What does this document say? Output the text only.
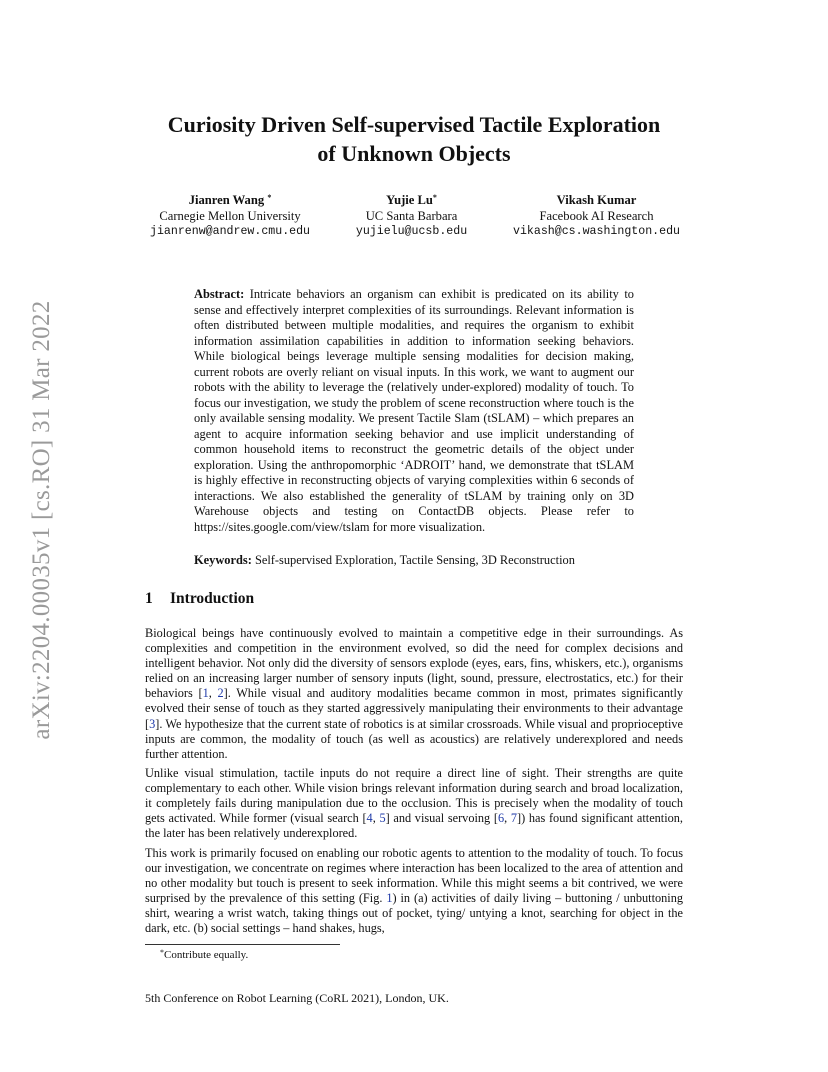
arXiv:2204.00035v1 [cs.RO] 31 Mar 2022
Curiosity Driven Self-supervised Tactile Exploration
of Unknown Objects
Jianren Wang *
Carnegie Mellon University
jianrenw@andrew.cmu.edu
Yujie Lu*
UC Santa Barbara
yujielu@ucsb.edu
Vikash Kumar
Facebook AI Research
vikash@cs.washington.edu

Abstract: Intricate behaviors an organism can exhibit is predicated on its ability to sense and effectively interpret complexities of its surroundings. Relevant information is often distributed between multiple modalities, and requires the organism to exhibit information assimilation capabilities in addition to information seeking behaviors. While biological beings leverage multiple sensing modalities for decision making, current robots are overly reliant on visual inputs. In this work, we want to augment our robots with the ability to leverage the (relatively under-explored) modality of touch. To focus our investigation, we study the problem of scene reconstruction where touch is the only available sensing modality. We present Tactile Slam (tSLAM) – which prepares an agent to acquire information seeking behavior and use implicit understanding of common household items to reconstruct the geometric details of the object under exploration. Using the anthropomorphic ‘ADROIT’ hand, we demonstrate that tSLAM is highly effective in reconstructing objects of varying complexities within 6 seconds of interactions. We also established the generality of tSLAM by training only on 3D Warehouse objects and testing on ContactDB objects. Please refer to https://sites.google.com/view/tslam for more visualization.

Keywords: Self-supervised Exploration, Tactile Sensing, 3D Reconstruction
1 Introduction

Biological beings have continuously evolved to maintain a competitive edge in their surroundings. As complexities and competition in the environment evolved, so did the need for complex decisions and intelligent behavior. Not only did the diversity of sensors explode (eyes, ears, fins, whiskers, etc.), organisms relied on an increasing larger number of sensory inputs (light, sound, pressure, electrostatics, etc.) for their behaviors [1, 2]. While visual and auditory modalities became common in most, primates significantly evolved their sense of touch as they started aggressively manipulating their environments to their advantage [3]. We hypothesize that the current state of robotics is at similar crossroads. While visual and proprioceptive inputs are common, the modality of touch (as well as acoustics) are relatively underexplored and needs further attention.

Unlike visual stimulation, tactile inputs do not require a direct line of sight. Their strengths are quite complementary to each other. While vision brings relevant information during search and broad localization, it completely fails during manipulation due to the occlusion. This is precisely when the modality of touch gets activated. While former (visual search [4, 5] and visual servoing [6, 7]) has found significant attention, the later has been relatively underexplored.

This work is primarily focused on enabling our robotic agents to attention to the modality of touch. To focus our investigation, we concentrate on regimes where interaction has been localized to the area of attention and no other modality but touch is present to seek information. While this might seems a bit contrived, we were surprised by the prevalence of this setting (Fig. 1) in (a) activities of daily living – buttoning / unbuttoning shirt, wearing a wrist watch, taking things out of pocket, tying/ untying a knot, searching for object in the dark, etc. (b) social settings – hand shakes, hugs,

*Contribute equally.
5th Conference on Robot Learning (CoRL 2021), London, UK.
